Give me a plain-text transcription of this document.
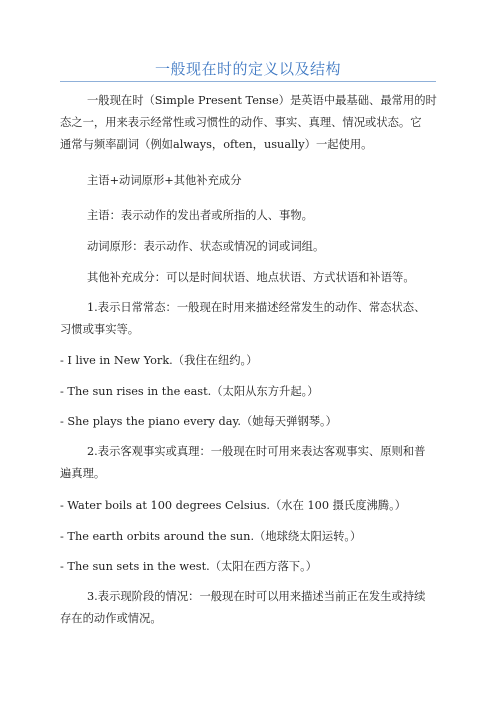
一般现在时的定义以及结构
一般现在时（Simple Present Tense）是英语中最基础、最常用的时
态之一，用来表示经常性或习惯性的动作、事实、真理、情况或状态。它
通常与频率副词（例如always，often，usually）一起使用。
主语+动词原形+其他补充成分
主语：表示动作的发出者或所指的人、事物。
动词原形：表示动作、状态或情况的词或词组。
其他补充成分：可以是时间状语、地点状语、方式状语和补语等。
1.表示日常常态：一般现在时用来描述经常发生的动作、常态状态、
习惯或事实等。
- I live in New York.（我住在纽约。）
- The sun rises in the east.（太阳从东方升起。）
- She plays the piano every day.（她每天弹钢琴。）
2.表示客观事实或真理：一般现在时可用来表达客观事实、原则和普
遍真理。
- Water boils at 100 degrees Celsius.（水在 100 摄氏度沸腾。）
- The earth orbits around the sun.（地球绕太阳运转。）
- The sun sets in the west.（太阳在西方落下。）
3.表示现阶段的情况：一般现在时可以用来描述当前正在发生或持续
存在的动作或情况。
